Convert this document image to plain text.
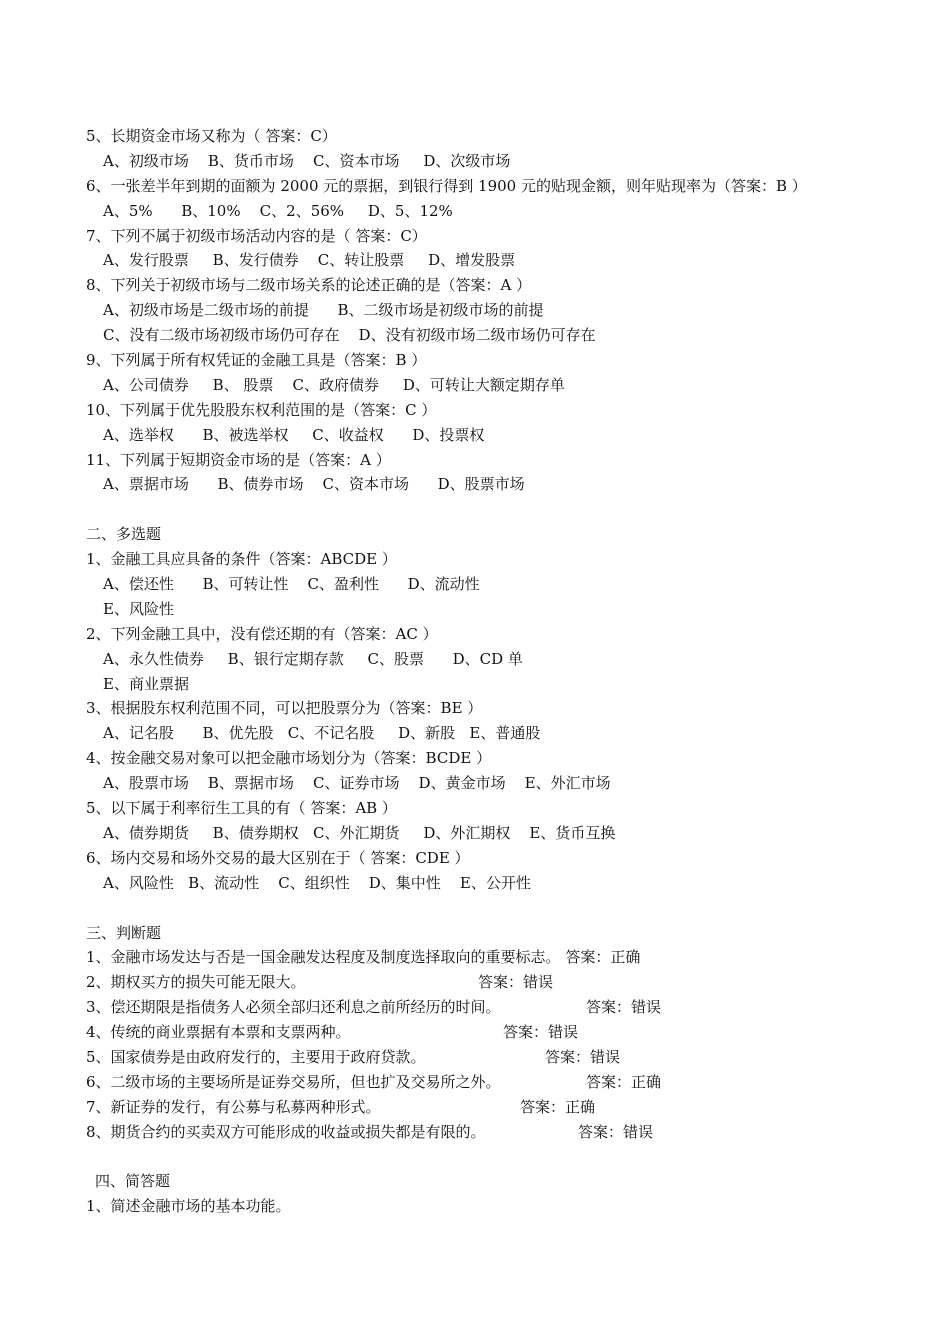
5、长期资金市场又称为（ 答案：C）
A、初级市场    B、货币市场    C、资本市场     D、次级市场
6、一张差半年到期的面额为 2000 元的票据，到银行得到 1900 元的贴现金额，则年贴现率为（答案：B ）
A、5%      B、10%    C、2、56%     D、5、12%
7、下列不属于初级市场活动内容的是（ 答案：C）
A、发行股票     B、发行债券    C、转让股票     D、增发股票
8、下列关于初级市场与二级市场关系的论述正确的是（答案：A ）
A、初级市场是二级市场的前提      B、二级市场是初级市场的前提
C、没有二级市场初级市场仍可存在    D、没有初级市场二级市场仍可存在
9、下列属于所有权凭证的金融工具是（答案：B ）
A、公司债券     B、 股票    C、政府债券     D、可转让大额定期存单
10、下列属于优先股股东权利范围的是（答案：C ）
A、选举权      B、被选举权     C、收益权      D、投票权
11、下列属于短期资金市场的是（答案：A ）
A、票据市场      B、债券市场    C、资本市场      D、股票市场
二、多选题
1、金融工具应具备的条件（答案：ABCDE ）
A、偿还性      B、可转让性    C、盈利性      D、流动性
E、风险性
2、下列金融工具中，没有偿还期的有（答案：AC ）
A、永久性债券     B、银行定期存款     C、股票      D、CD 单
E、商业票据
3、根据股东权利范围不同，可以把股票分为（答案：BE ）
A、记名股      B、优先股   C、不记名股     D、新股   E、普通股
4、按金融交易对象可以把金融市场划分为（答案：BCDE ）
A、股票市场    B、票据市场    C、证券市场    D、黄金市场    E、外汇市场
5、以下属于利率衍生工具的有（ 答案：AB ）
A、债券期货     B、债券期权   C、外汇期货     D、外汇期权    E、货币互换
6、场内交易和场外交易的最大区别在于（ 答案：CDE ）
A、风险性   B、流动性    C、组织性    D、集中性    E、公开性
三、判断题
1、金融市场发达与否是一国金融发达程度及制度选择取向的重要标志。 答案：正确
2、期权买方的损失可能无限大。	答案：错误
3、偿还期限是指债务人必须全部归还利息之前所经历的时间。	答案：错误
4、传统的商业票据有本票和支票两种。	答案：错误
5、国家债券是由政府发行的，主要用于政府贷款。	答案：错误
6、二级市场的主要场所是证券交易所，但也扩及交易所之外。	答案：正确
7、新证券的发行，有公募与私募两种形式。	答案：正确
8、期货合约的买卖双方可能形成的收益或损失都是有限的。	答案：错误
四、简答题
1、简述金融市场的基本功能。
